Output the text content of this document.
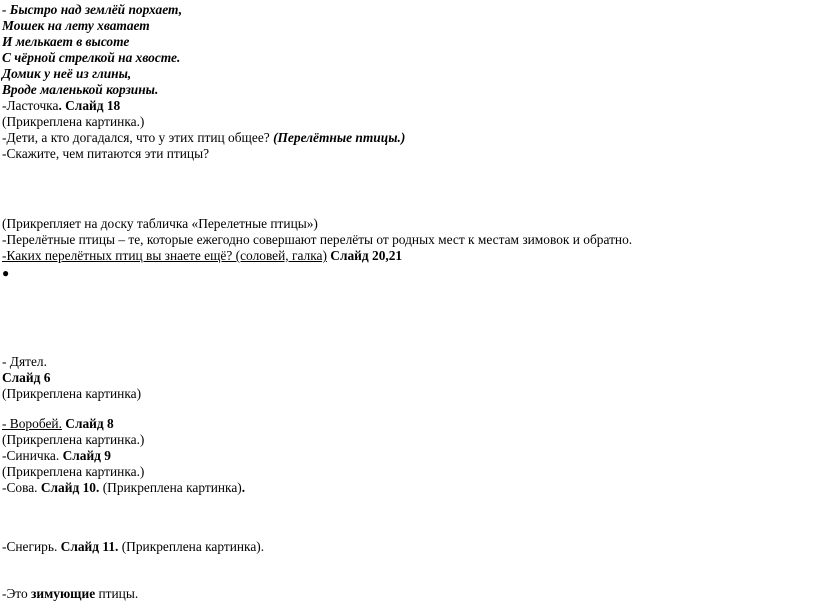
- Быстро над землёй порхает,
Мошек на лету хватает
И мелькает в высоте
С чёрной стрелкой на хвосте.
Домик у неё из глины,
Вроде маленькой корзины.
-Ласточка. Слайд 18
(Прикреплена картинка.)
-Дети, а кто догадался, что у этих птиц общее? (Перелётные птицы.)
-Скажите, чем питаются эти птицы?
(Прикрепляет на доску табличка «Перелетные птицы»)
-Перелётные птицы – те, которые ежегодно совершают перелёты от родных мест к местам зимовок и обратно.
-Каких перелётных птиц вы знаете ещё? (соловей, галка) Слайд 20,21
●
- Дятел.
Слайд 6
(Прикреплена картинка)
- Воробей. Слайд 8
(Прикреплена картинка.)
-Синичка. Слайд 9
(Прикреплена картинка.)
-Сова. Слайд 10. (Прикреплена картинка).
-Снегирь. Слайд 11. (Прикреплена картинка).
-Это зимующие птицы.
